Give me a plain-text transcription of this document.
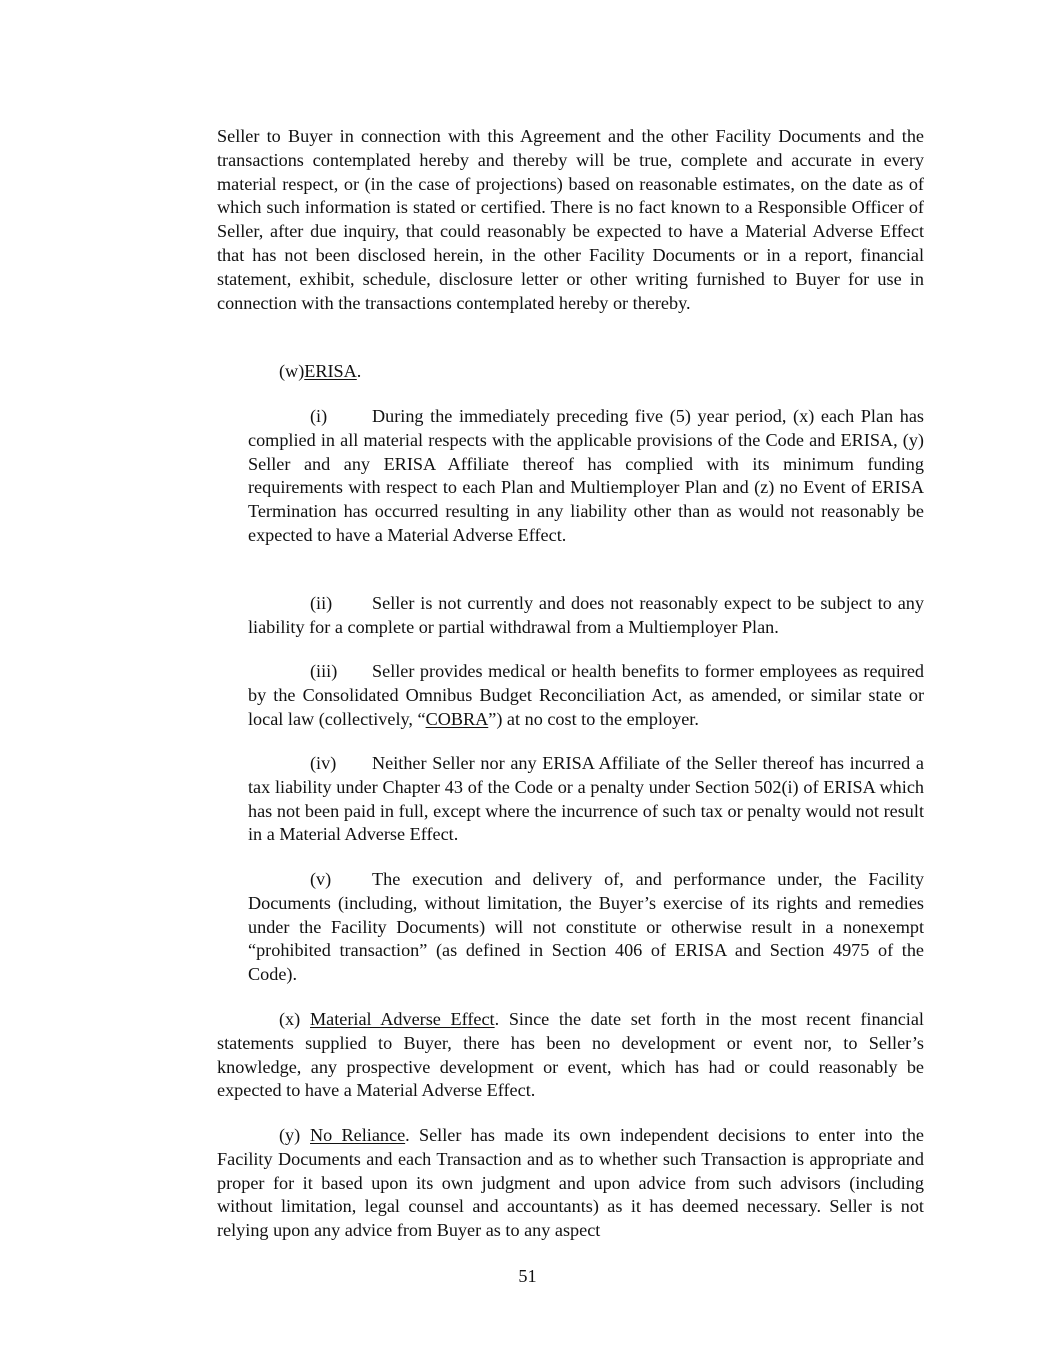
Seller to Buyer in connection with this Agreement and the other Facility Documents and the transactions contemplated hereby and thereby will be true, complete and accurate in every material respect, or (in the case of projections) based on reasonable estimates, on the date as of which such information is stated or certified. There is no fact known to a Responsible Officer of Seller, after due inquiry, that could reasonably be expected to have a Material Adverse Effect that has not been disclosed herein, in the other Facility Documents or in a report, financial statement, exhibit, schedule, disclosure letter or other writing furnished to Buyer for use in connection with the transactions contemplated hereby or thereby.

(w)ERISA.

(i) During the immediately preceding five (5) year period, (x) each Plan has complied in all material respects with the applicable provisions of the Code and ERISA, (y) Seller and any ERISA Affiliate thereof has complied with its minimum funding requirements with respect to each Plan and Multiemployer Plan and (z) no Event of ERISA Termination has occurred resulting in any liability other than as would not reasonably be expected to have a Material Adverse Effect.

(ii) Seller is not currently and does not reasonably expect to be subject to any liability for a complete or partial withdrawal from a Multiemployer Plan.

(iii) Seller provides medical or health benefits to former employees as required by the Consolidated Omnibus Budget Reconciliation Act, as amended, or similar state or local law (collectively, “COBRA”) at no cost to the employer.

(iv) Neither Seller nor any ERISA Affiliate of the Seller thereof has incurred a tax liability under Chapter 43 of the Code or a penalty under Section 502(i) of ERISA which has not been paid in full, except where the incurrence of such tax or penalty would not result in a Material Adverse Effect.

(v) The execution and delivery of, and performance under, the Facility Documents (including, without limitation, the Buyer’s exercise of its rights and remedies under the Facility Documents) will not constitute or otherwise result in a nonexempt “prohibited transaction” (as defined in Section 406 of ERISA and Section 4975 of the Code).

(x) Material Adverse Effect. Since the date set forth in the most recent financial statements supplied to Buyer, there has been no development or event nor, to Seller’s knowledge, any prospective development or event, which has had or could reasonably be expected to have a Material Adverse Effect.

(y) No Reliance. Seller has made its own independent decisions to enter into the Facility Documents and each Transaction and as to whether such Transaction is appropriate and proper for it based upon its own judgment and upon advice from such advisors (including without limitation, legal counsel and accountants) as it has deemed necessary. Seller is not relying upon any advice from Buyer as to any aspect

51
